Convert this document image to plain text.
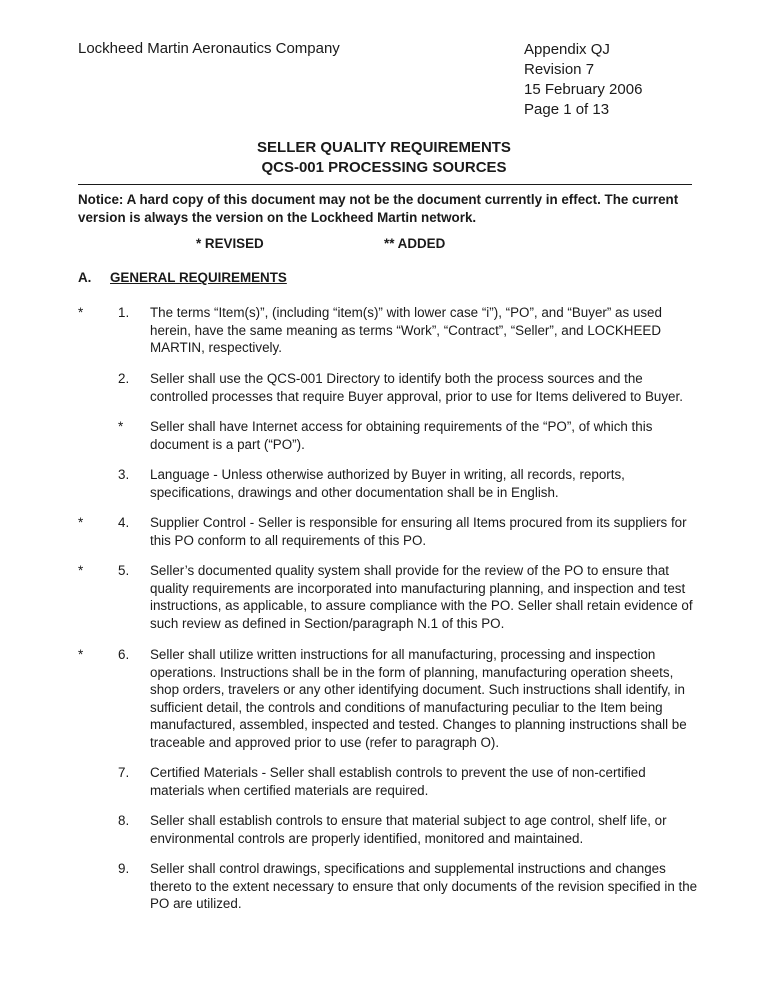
Lockheed Martin Aeronautics Company	Appendix QJ
Revision 7
15 February 2006
Page 1 of 13
SELLER QUALITY REQUIREMENTS
QCS-001 PROCESSING SOURCES
Notice: A hard copy of this document may not be the document currently in effect. The current version is always the version on the Lockheed Martin network.
* REVISED	** ADDED
A. GENERAL REQUIREMENTS
*	1. The terms “Item(s)”, (including “item(s)” with lower case “i”), “PO”, and “Buyer” as used herein, have the same meaning as terms “Work”, “Contract”, “Seller”, and LOCKHEED MARTIN, respectively.
2. Seller shall use the QCS-001 Directory to identify both the process sources and the controlled processes that require Buyer approval, prior to use for Items delivered to Buyer.
* Seller shall have Internet access for obtaining requirements of the “PO”, of which this document is a part (“PO”).
3. Language - Unless otherwise authorized by Buyer in writing, all records, reports, specifications, drawings and other documentation shall be in English.
*	4. Supplier Control - Seller is responsible for ensuring all Items procured from its suppliers for this PO conform to all requirements of this PO.
*	5. Seller’s documented quality system shall provide for the review of the PO to ensure that quality requirements are incorporated into manufacturing planning, and inspection and test instructions, as applicable, to assure compliance with the PO. Seller shall retain evidence of such review as defined in Section/paragraph N.1 of this PO.
*	6. Seller shall utilize written instructions for all manufacturing, processing and inspection operations. Instructions shall be in the form of planning, manufacturing operation sheets, shop orders, travelers or any other identifying document. Such instructions shall identify, in sufficient detail, the controls and conditions of manufacturing peculiar to the Item being manufactured, assembled, inspected and tested. Changes to planning instructions shall be traceable and approved prior to use (refer to paragraph O).
7. Certified Materials - Seller shall establish controls to prevent the use of non-certified materials when certified materials are required.
8. Seller shall establish controls to ensure that material subject to age control, shelf life, or environmental controls are properly identified, monitored and maintained.
9. Seller shall control drawings, specifications and supplemental instructions and changes thereto to the extent necessary to ensure that only documents of the revision specified in the PO are utilized.
